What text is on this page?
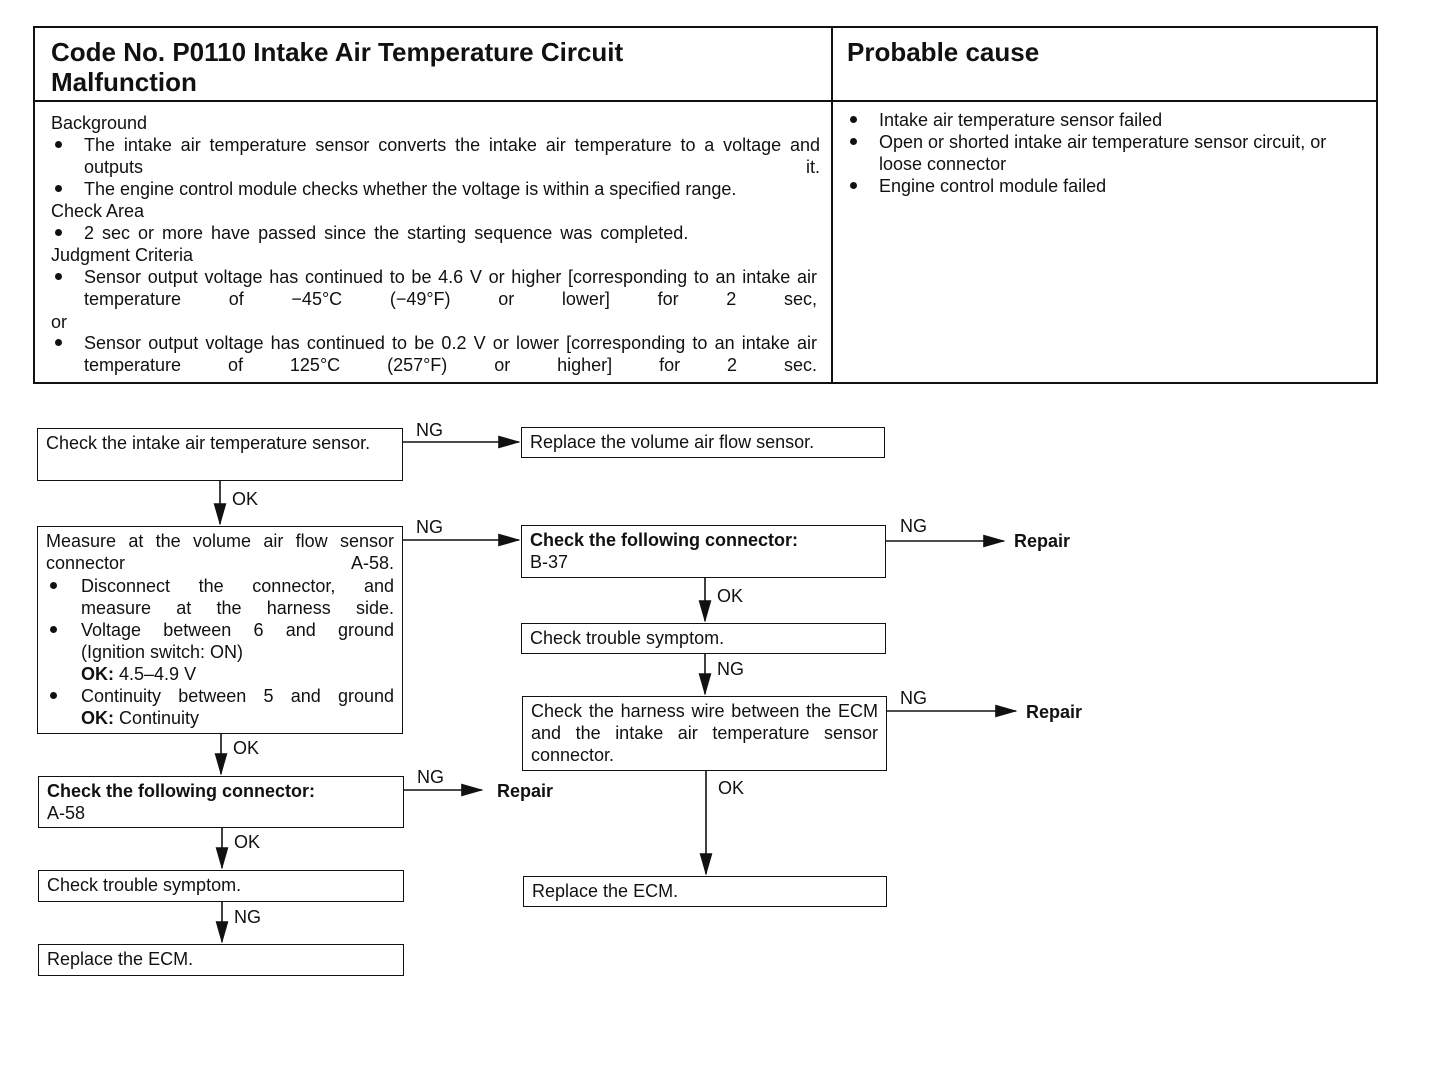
Code No. P0110 Intake Air Temperature Circuit Malfunction
Probable cause
Background
The intake air temperature sensor converts the intake air temperature to a voltage and outputs it.
The engine control module checks whether the voltage is within a specified range.
Check Area
2 sec or more have passed since the starting sequence was completed.
Judgment Criteria
Sensor output voltage has continued to be 4.6 V or higher [corresponding to an intake air temperature of −45°C (−49°F) or lower] for 2 sec,
or
Sensor output voltage has continued to be 0.2 V or lower [corresponding to an intake air temperature of 125°C (257°F) or higher] for 2 sec.
Intake air temperature sensor failed
Open or shorted intake air temperature sensor circuit, or loose connector
Engine control module failed
Check the intake air temperature sensor.
NG
OK
Replace the volume air flow sensor.
Measure at the volume air flow sensor connector A-58.
Disconnect the connector, and measure at the harness side.
Voltage between 6 and ground (Ignition switch: ON)
OK: 4.5–4.9 V
Continuity between 5 and ground
OK: Continuity
NG
OK
Check the following connector:
A-58
NG
Repair
OK
Check trouble symptom.
NG
Replace the ECM.
Check the following connector:
B-37
NG
Repair
OK
Check trouble symptom.
NG
Check the harness wire between the ECM and the intake air temperature sensor connector.
NG
Repair
OK
Replace the ECM.
